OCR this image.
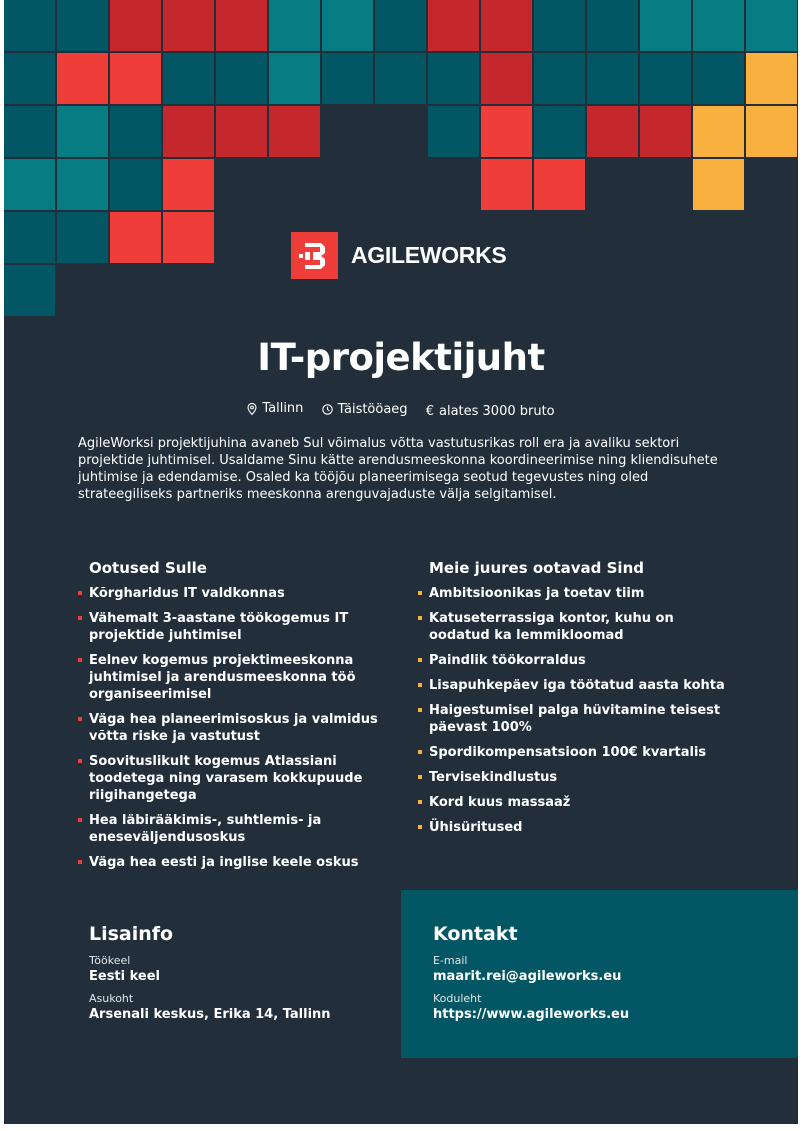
AGILEWORKS
IT-projektijuht
Tallinn
	Täistööaeg
€ alates 3000 bruto
AgileWorksi projektijuhina avaneb Sul võimalus võtta vastutusrikas roll era ja avaliku sektori projektide juhtimisel. Usaldame Sinu kätte arendusmeeskonna koordineerimise ning kliendisuhete juhtimise ja edendamise. Osaled ka tööjõu planeerimisega seotud tegevustes ning oled strateegiliseks partneriks meeskonna arenguvajaduste välja selgitamisel.
Ootused Sulle
Kõrgharidus IT valdkonnas
Vähemalt 3-aastane töökogemus IT projektide juhtimisel
Eelnev kogemus projektimeeskonna juhtimisel ja arendusmeeskonna töö organiseerimisel
Väga hea planeerimisoskus ja valmidus võtta riske ja vastutust
Soovituslikult kogemus Atlassiani toodetega ning varasem kokkupuude riigihangetega
Hea läbirääkimis-, suhtlemis- ja eneseväljendusoskus
Väga hea eesti ja inglise keele oskus
Meie juures ootavad Sind
Ambitsioonikas ja toetav tiim
Katuseterrassiga kontor, kuhu on oodatud ka lemmikloomad
Paindlik töökorraldus
Lisapuhkepäev iga töötatud aasta kohta
Haigestumisel palga hüvitamine teisest päevast 100%
Spordikompensatsioon 100€ kvartalis
Tervisekindlustus
Kord kuus massaaž
Ühisüritused
Lisainfo
Töökeel
Eesti keel
Asukoht
Arsenali keskus, Erika 14, Tallinn
Kontakt
E-mail
maarit.rei@agileworks.eu
Koduleht
https://www.agileworks.eu
